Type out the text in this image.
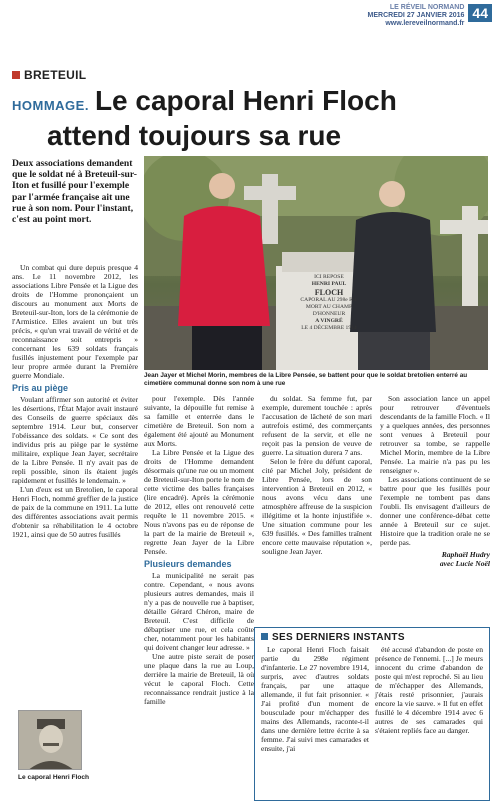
LE RÉVEIL NORMAND
MERCREDI 27 JANVIER 2016
www.lereveilnormand.fr
44
BRETEUIL
HOMMAGE. Le caporal Henri Floch
attend toujours sa rue
Deux associations demandent que le soldat né à Breteuil-sur-Iton et fusillé pour l'exemple par l'armée française ait une rue à son nom. Pour l'instant, c'est au point mort.

Un combat qui dure depuis presque 4 ans. Le 11 novembre 2012, les associations Libre Pensée et la Ligue des droits de l'Homme prononçaient un discours au monument aux Morts de Breteuil-sur-Iton, lors de la cérémonie de l'Armistice. Elles avaient un but très précis, « qu'un vrai travail de vérité et de reconnaissance soit entrepris » concernant les 639 soldats français fusillés injustement pour l'exemple par leur propre armée durant la Première guerre Mondiale.

Pris au piège

Voulant affirmer son autorité et éviter les désertions, l'État Major avait instauré des Conseils de guerre spéciaux dès septembre 1914. Leur but, conserver l'obéissance des soldats. « Ce sont des individus pris au piège par le système militaire, explique Jean Jayer, secrétaire de la Libre Pensée. Il n'y avait pas de repli possible, sinon ils étaient jugés rapidement et fusillés le lendemain. »

L'un d'eux est un Bretolien, le caporal Henri Floch, nommé greffier de la justice de paix de la commune en 1911. La lutte des différentes associations avait permis d'obtenir sa réhabilitation le 4 octobre 1921, ainsi que de 50 autres fusillés

ICI REPOSE
HENRI PAUL
FLOCH
CAPORAL AU 298e R.I.
MORT AU CHAMP D'HONNEUR
A VINGRÉ
LE 4 DÉCEMBRE 1914
Jean Jayer et Michel Morin, membres de la Libre Pensée, se battent pour que le soldat bretolien enterré au cimetière communal donne son nom à une rue

pour l'exemple. Dès l'année suivante, la dépouille fut remise à sa famille et enterrée dans le cimetière de Breteuil. Son nom a également été ajouté au Monument aux Morts.

La Libre Pensée et la Ligue des droits de l'Homme demandent désormais qu'une rue ou un moment de Breteuil-sur-Iton porte le nom de cette victime des balles françaises (lire encadré). Après la cérémonie de 2012, elles ont renouvelé cette requête le 11 novembre 2015. « Nous n'avons pas eu de réponse de la part de la mairie de Breteuil », regrette Jean Jayer de la Libre Pensée.

Plusieurs demandes

La municipalité ne serait pas contre. Cependant, « nous avons plusieurs autres demandes, mais il n'y a pas de nouvelle rue à baptiser, détaille Gérard Chéron, maire de Breteuil. C'est difficile de débaptiser une rue, et cela coûte cher, notamment pour les habitants qui doivent changer leur adresse. »

Une autre piste serait de poser une plaque dans la rue au Loup, derrière la mairie de Breteuil, là où vécut le caporal Floch. Cette reconnaissance rendrait justice à la famille

du soldat. Sa femme fut, par exemple, durement touchée : après l'accusation de lâcheté de son mari autrefois estimé, des commerçants refusent de la servir, et elle ne reçoit pas la pension de veuve de guerre. La situation durera 7 ans.

Selon le frère du défunt caporal, cité par Michel Joly, président de Libre Pensée, lors de son intervention à Breteuil en 2012, « nous avons vécu dans une atmosphère affreuse de la suspicion illégitime et la honte injustifiée ». Une situation commune pour les 639 fusillés. « Des familles traînent encore cette mauvaise réputation », souligne Jean Jayer.

Son association lance un appel pour retrouver d'éventuels descendants de la famille Floch. « Il y a quelques années, des personnes sont venues à Breteuil pour retrouver sa tombe, se rappelle Michel Morin, membre de la Libre Pensée. La mairie n'a pas pu les renseigner ».

Les associations continuent de se battre pour que les fusillés pour l'exemple ne tombent pas dans l'oubli. Ils envisagent d'ailleurs de donner une conférence-débat cette année à Breteuil sur ce sujet. Histoire que la tradition orale ne se perde pas.

Raphaël Hudry
avec Lucie Noël
SES DERNIERS INSTANTS
Le caporal Henri Floch faisait partie du 298e régiment d'infanterie. Le 27 novembre 1914, surpris, avec d'autres soldats français, par une attaque allemande, il fut fait prisonnier. « J'ai profité d'un moment de bousculade pour m'échapper des mains des Allemands, raconte-t-il dans une dernière lettre écrite à sa femme. J'ai suivi mes camarades et ensuite, j'ai
été accusé d'abandon de poste en présence de l'ennemi. [...] Je meurs innocent du crime d'abandon de poste qui m'est reproché. Si au lieu de m'échapper des Allemands, j'étais resté prisonnier, j'aurais encore la vie sauve. » Il fut en effet fusillé le 4 décembre 1914 avec 6 autres de ses camarades qui s'étaient repliés face au danger.
Le caporal Henri Floch
